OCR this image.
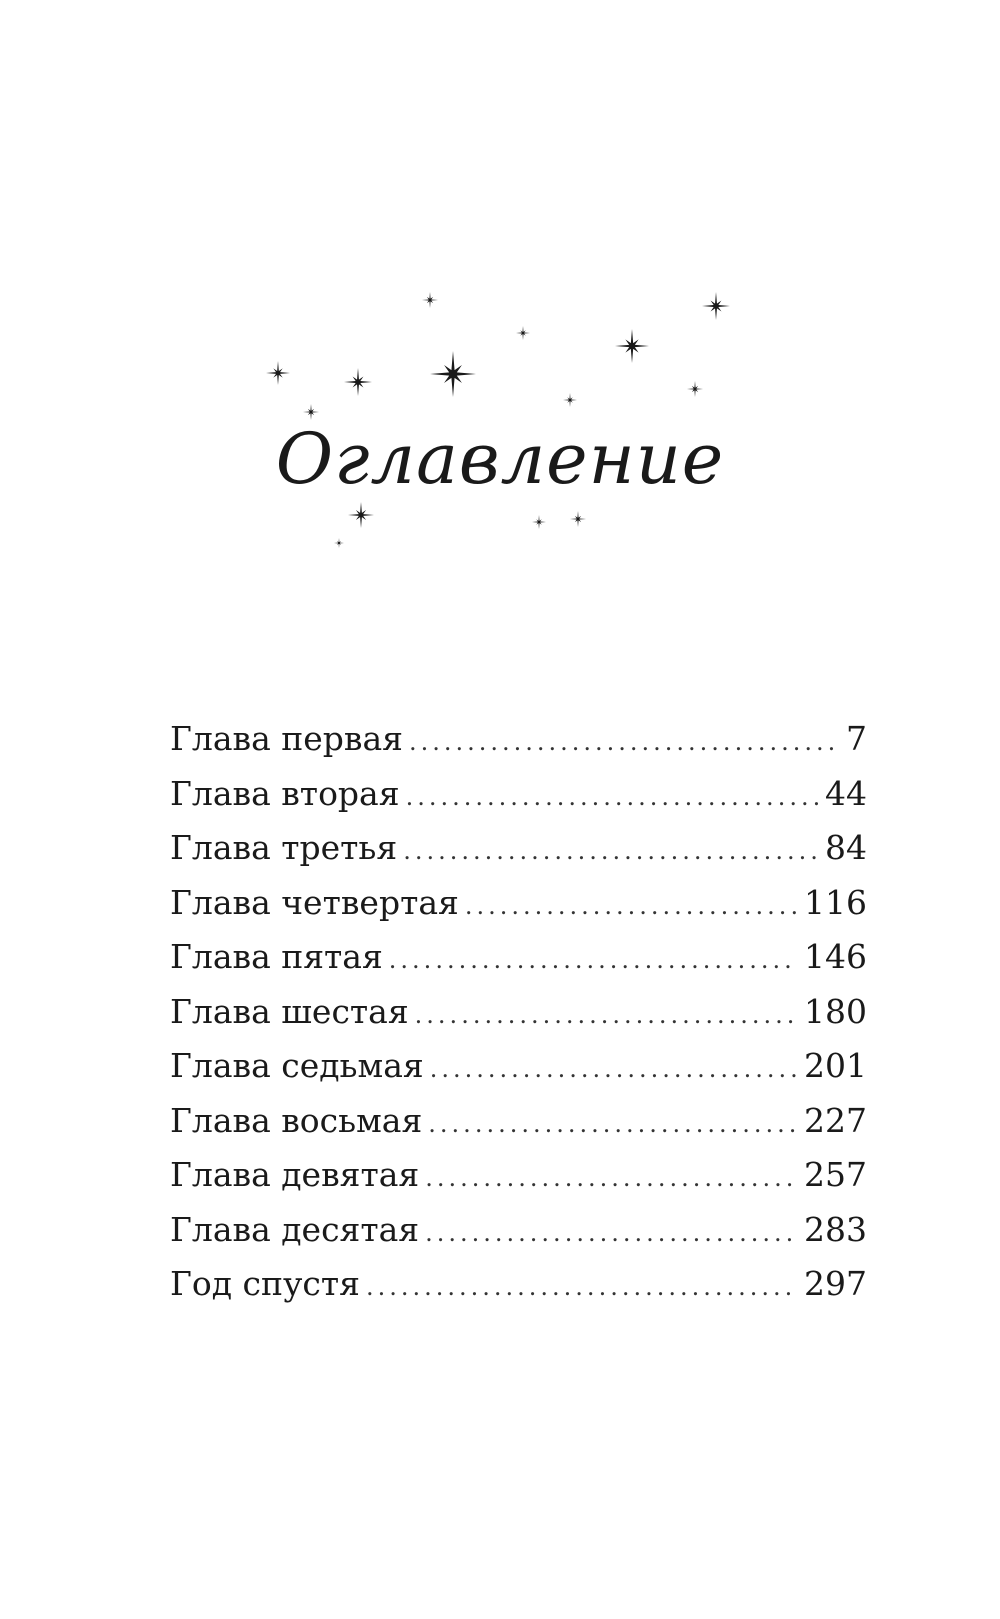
Оглавление
Глава первая .....	7
Глава вторая .....	44
Глава третья .....	84
Глава четвертая .....	116
Глава пятая .....	146
Глава шестая .....	180
Глава седьмая .....	201
Глава восьмая .....	227
Глава девятая .....	257
Глава десятая .....	283
Год спустя .....	297
